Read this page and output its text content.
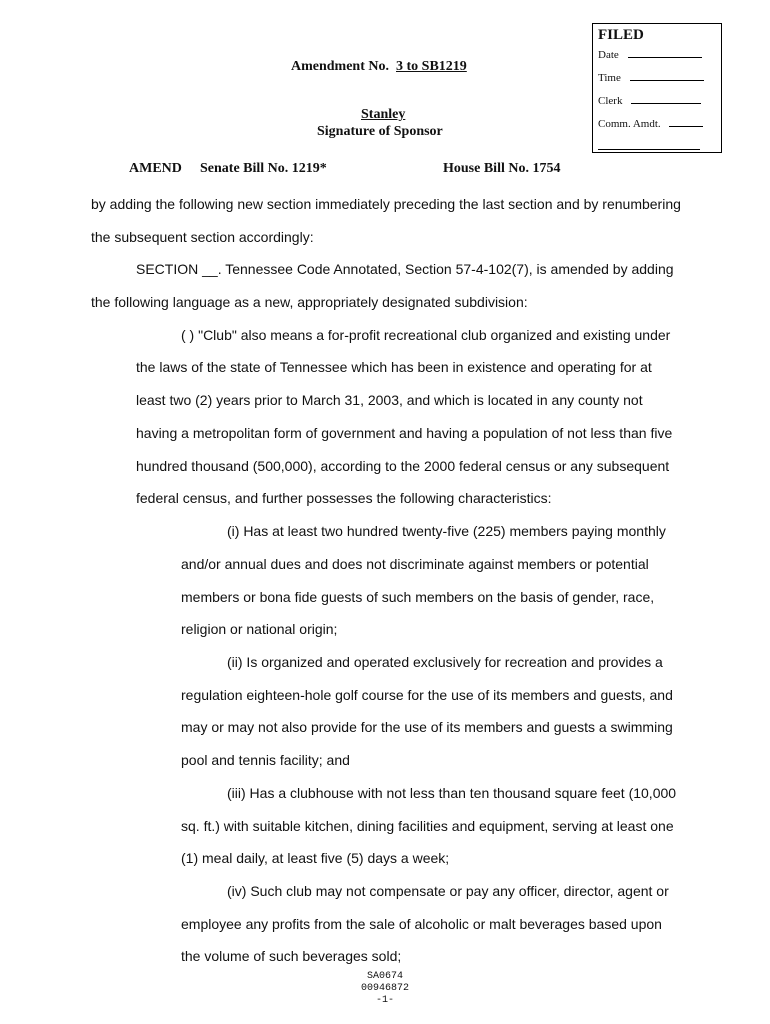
FILED
Date
Time
Clerk
Comm. Amdt.
Amendment No. 3 to SB1219
Stanley
Signature of Sponsor
AMEND Senate Bill No. 1219*	House Bill No. 1754
by adding the following new section immediately preceding the last section and by renumbering
the subsequent section accordingly:
SECTION __. Tennessee Code Annotated, Section 57-4-102(7), is amended by adding
the following language as a new, appropriately designated subdivision:
( ) "Club" also means a for-profit recreational club organized and existing under
the laws of the state of Tennessee which has been in existence and operating for at
least two (2) years prior to March 31, 2003, and which is located in any county not
having a metropolitan form of government and having a population of not less than five
hundred thousand (500,000), according to the 2000 federal census or any subsequent
federal census, and further possesses the following characteristics:
(i) Has at least two hundred twenty-five (225) members paying monthly
and/or annual dues and does not discriminate against members or potential
members or bona fide guests of such members on the basis of gender, race,
religion or national origin;
(ii) Is organized and operated exclusively for recreation and provides a
regulation eighteen-hole golf course for the use of its members and guests, and
may or may not also provide for the use of its members and guests a swimming
pool and tennis facility; and
(iii) Has a clubhouse with not less than ten thousand square feet (10,000
sq. ft.) with suitable kitchen, dining facilities and equipment, serving at least one
(1) meal daily, at least five (5) days a week;
(iv) Such club may not compensate or pay any officer, director, agent or
employee any profits from the sale of alcoholic or malt beverages based upon
the volume of such beverages sold;
SA0674
00946872
-1-
